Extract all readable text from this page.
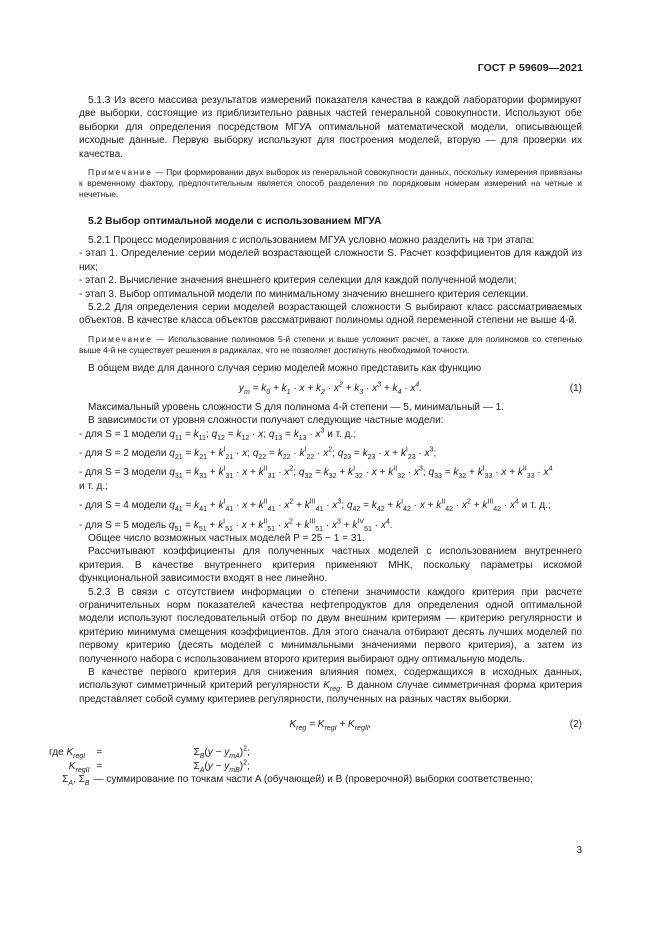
ГОСТ Р 59609—2021

5.1.3 Из всего массива результатов измерений показателя качества в каждой лаборатории формируют две выборки, состоящие из приблизительно равных частей генеральной совокупности. Используют обе выборки для определения посредством МГУА оптимальной математической модели, описывающей исходные данные. Первую выборку используют для построения моделей, вторую — для проверки их качества.

Примечание — При формировании двух выборок из генеральной совокупности данных, поскольку измерения привязаны к временному фактору, предпочтительным является способ разделения по порядковым номерам измерений на четные и нечетные.

5.2 Выбор оптимальной модели с использованием МГУА

5.2.1 Процесс моделирования с использованием МГУА условно можно разделить на три этапа:

- этап 1. Определение серии моделей возрастающей сложности S. Расчет коэффициентов для каждой из них;

- этап 2. Вычисление значения внешнего критерия селекции для каждой полученной модели;

- этап 3. Выбор оптимальной модели по минимальному значению внешнего критерия селекции.

5.2.2 Для определения серии моделей возрастающей сложности S выбирают класс рассматриваемых объектов. В качестве класса объектов рассматривают полиномы одной переменной степени не выше 4-й.

Примечание — Использование полиномов 5-й степени и выше усложнит расчет, а также для полиномов со степенью выше 4-й не существует решения в радикалах, что не позволяет достигнуть необходимой точности.

В общем виде для данного случая серию моделей можно представить как функцию

$y_m = k_0 + k_1 \cdot x + k_2 \cdot x^2 + k_3 \cdot x^3 + k_4 \cdot x^4$.	(1)

Максимальный уровень сложности S для полинома 4-й степени — 5, минимальный — 1.

В зависимости от уровня сложности получают следующие частные модели:

- для S = 1 модели $q_{11} = k_{11}$; $q_{12} = k_{12} \cdot x$; $q_{13} = k_{13} \cdot x^3$ и т. д.;

- для S = 2 модели $q_{21} = k_{21} + k^I_{21} \cdot x$; $q_{22} = k_{22} \cdot k^I_{22} \cdot x^2$; $q_{23} = k_{23} \cdot x + k^I_{23} \cdot x^3$;

- для S = 3 модели $q_{31} = k_{31} + k^I_{31} \cdot x + k^{II}_{31} \cdot x^2$; $q_{32} = k_{32} + k^I_{32} \cdot x + k^{II}_{32} \cdot x^3$; $q_{33} = k_{32} + k^I_{33} \cdot x + k^{II}_{33} \cdot x^4$

и т. д.;

- для S = 4 модели $q_{41} = k_{41} + k^I_{41} \cdot x + k^{II}_{41} \cdot x^2 + k^{III}_{41} \cdot x^3$; $q_{42} = k_{42} + k^I_{42} \cdot x + k^{II}_{42} \cdot x^2 + k^{III}_{42} \cdot x^4$ и т. д.;

- для S = 5 модель $q_{51} = k_{51} + k^I_{51} \cdot x + k^{II}_{51} \cdot x^2 + k^{III}_{51} \cdot x^3 + k^{IV}_{51} \cdot x^4$.

Общее число возможных частных моделей P = 25 − 1 = 31.

Рассчитывают коэффициенты для полученных частных моделей с использованием внутреннего критерия. В качестве внутреннего критерия применяют МНК, поскольку параметры искомой функциональной зависимости входят в нее линейно.

5.2.3 В связи с отсутствием информации о степени значимости каждого критерия при расчете ограничительных норм показателей качества нефтепродуктов для определения одной оптимальной модели используют последовательный отбор по двум внешним критериям — критерию регулярности и критерию минимума смещения коэффициентов. Для этого сначала отбирают десять лучших моделей по первому критерию (десять моделей с минимальными значениями первого критерия), а затем из полученного набора с использованием второго критерия выбирают одну оптимальную модель.

В качестве первого критерия для снижения влияния помех, содержащихся в исходных данных, используют симметричный критерий регулярности $K_{reg}$. В данном случае симметричная форма критерия представляет собой сумму критериев регулярности, полученных на разных частях выборки.

$K_{reg} = K_{regI} + K_{regII}$,	(2)
где $K_{regI}$	=	$\Sigma_B(y - y_{mA})^2$;
$K_{regII}$	=	$\Sigma_A(y - y_{mB})^2$;
$\Sigma_A$, $\Sigma_B$	— суммирование по точкам части A (обучающей) и B (проверочной) выборки соответственно;	
3
